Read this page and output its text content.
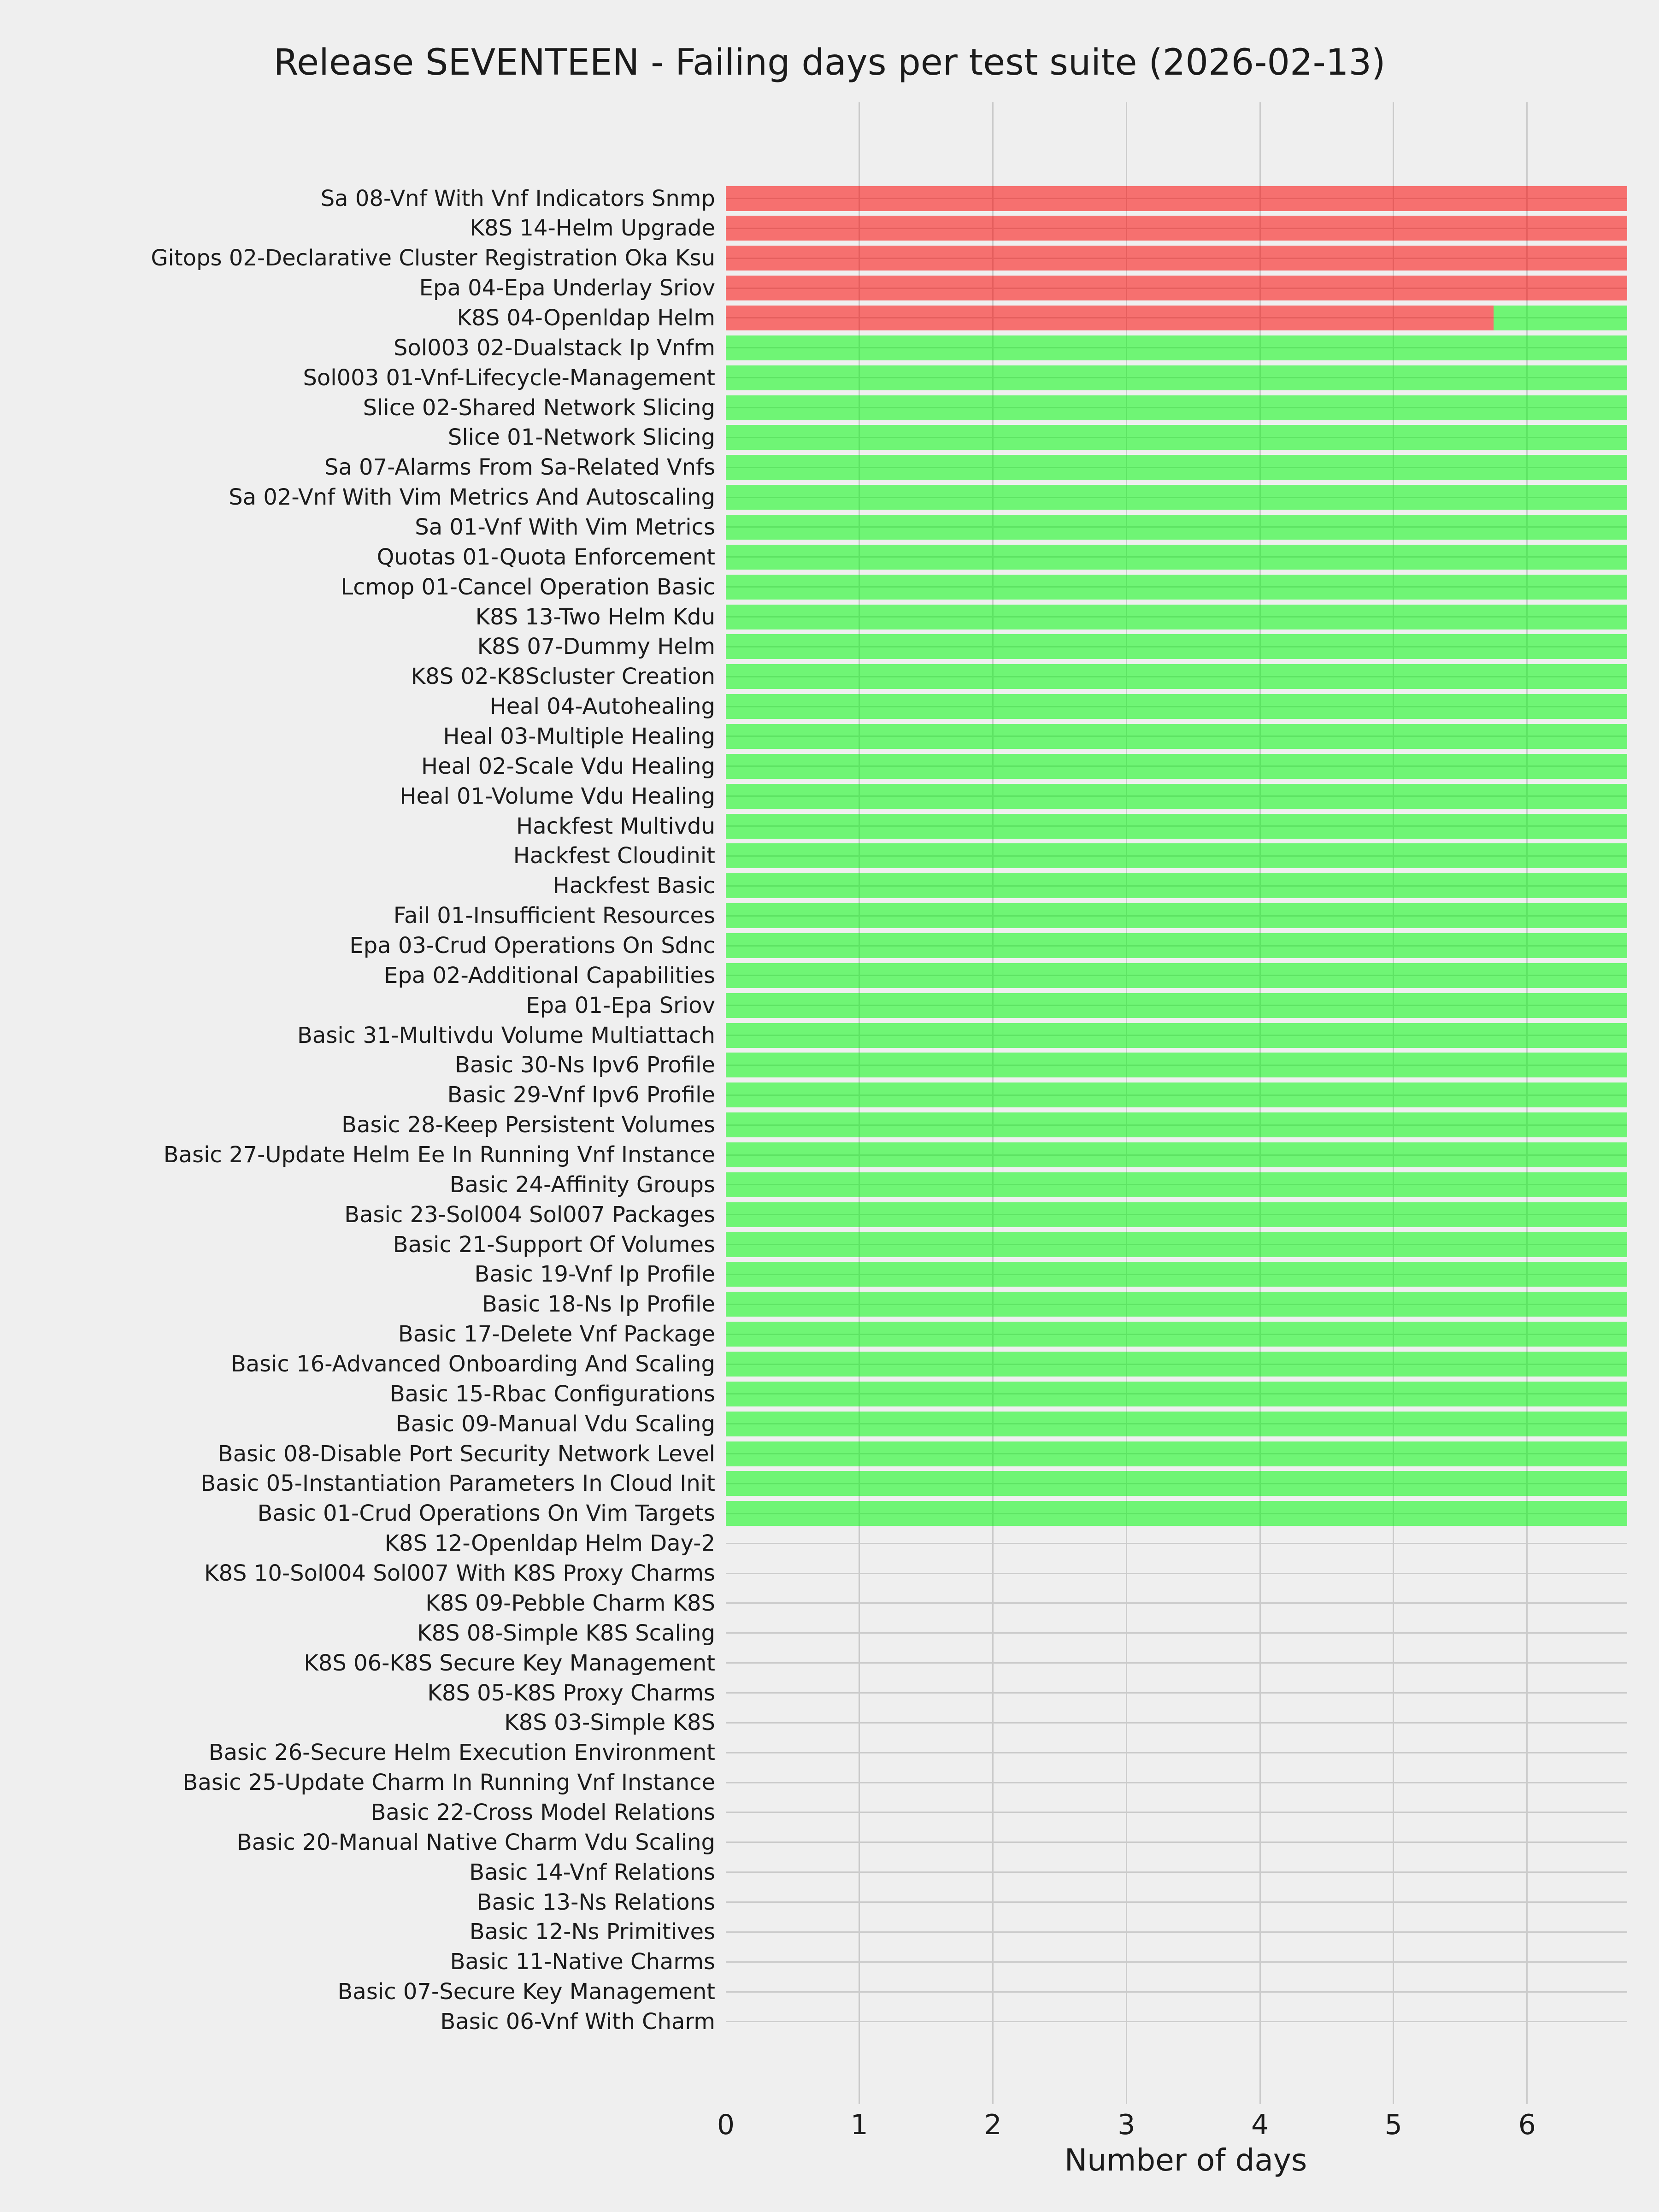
Release SEVENTEEN - Failing days per test suite (2026-02-13)
Sa 08-Vnf With Vnf Indicators Snmp
K8S 14-Helm Upgrade
Gitops 02-Declarative Cluster Registration Oka Ksu
Epa 04-Epa Underlay Sriov
K8S 04-Openldap Helm
Sol003 02-Dualstack Ip Vnfm
Sol003 01-Vnf-Lifecycle-Management
Slice 02-Shared Network Slicing
Slice 01-Network Slicing
Sa 07-Alarms From Sa-Related Vnfs
Sa 02-Vnf With Vim Metrics And Autoscaling
Sa 01-Vnf With Vim Metrics
Quotas 01-Quota Enforcement
Lcmop 01-Cancel Operation Basic
K8S 13-Two Helm Kdu
K8S 07-Dummy Helm
K8S 02-K8Scluster Creation
Heal 04-Autohealing
Heal 03-Multiple Healing
Heal 02-Scale Vdu Healing
Heal 01-Volume Vdu Healing
Hackfest Multivdu
Hackfest Cloudinit
Hackfest Basic
Fail 01-Insufficient Resources
Epa 03-Crud Operations On Sdnc
Epa 02-Additional Capabilities
Epa 01-Epa Sriov
Basic 31-Multivdu Volume Multiattach
Basic 30-Ns Ipv6 Profile
Basic 29-Vnf Ipv6 Profile
Basic 28-Keep Persistent Volumes
Basic 27-Update Helm Ee In Running Vnf Instance
Basic 24-Affinity Groups
Basic 23-Sol004 Sol007 Packages
Basic 21-Support Of Volumes
Basic 19-Vnf Ip Profile
Basic 18-Ns Ip Profile
Basic 17-Delete Vnf Package
Basic 16-Advanced Onboarding And Scaling
Basic 15-Rbac Configurations
Basic 09-Manual Vdu Scaling
Basic 08-Disable Port Security Network Level
Basic 05-Instantiation Parameters In Cloud Init
Basic 01-Crud Operations On Vim Targets
K8S 12-Openldap Helm Day-2
K8S 10-Sol004 Sol007 With K8S Proxy Charms
K8S 09-Pebble Charm K8S
K8S 08-Simple K8S Scaling
K8S 06-K8S Secure Key Management
K8S 05-K8S Proxy Charms
K8S 03-Simple K8S
Basic 26-Secure Helm Execution Environment
Basic 25-Update Charm In Running Vnf Instance
Basic 22-Cross Model Relations
Basic 20-Manual Native Charm Vdu Scaling
Basic 14-Vnf Relations
Basic 13-Ns Relations
Basic 12-Ns Primitives
Basic 11-Native Charms
Basic 07-Secure Key Management
Basic 06-Vnf With Charm
0	1	2	3	4	5	6
Number of days
